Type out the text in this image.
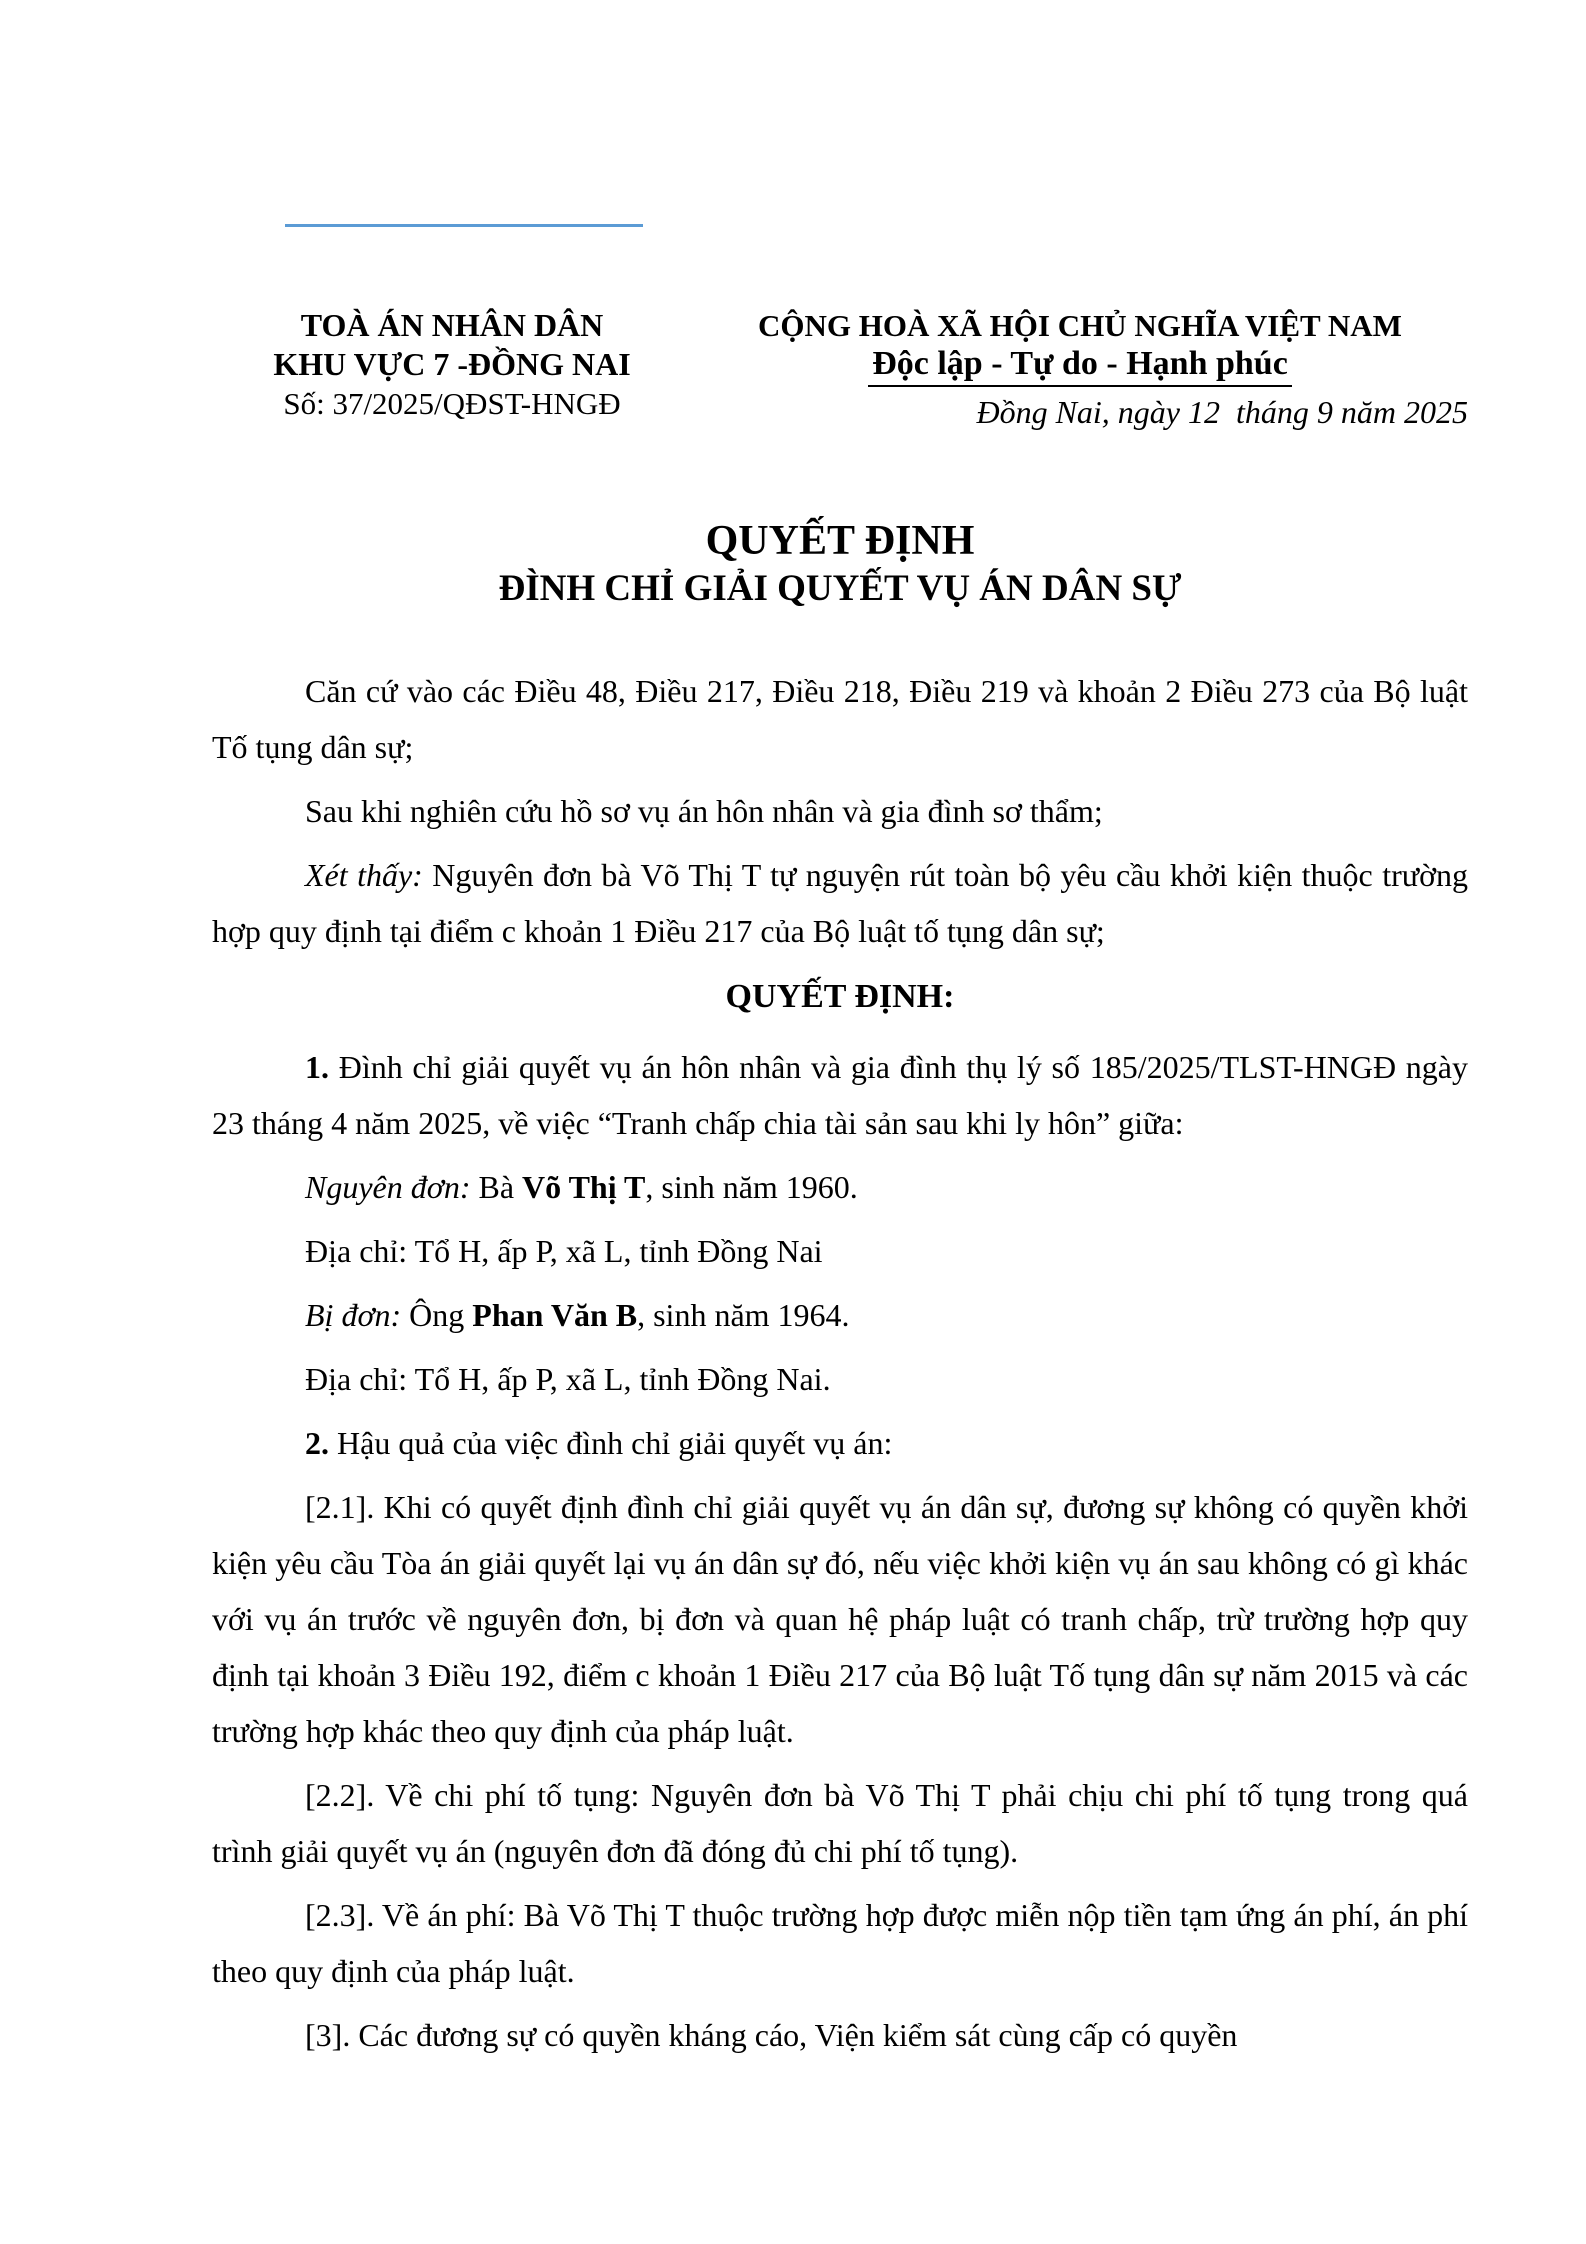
TOÀ ÁN NHÂN DÂN
KHU VỰC 7 -ĐỒNG NAI
Số: 37/2025/QĐST-HNGĐ
CỘNG HOÀ XÃ HỘI CHỦ NGHĨA VIỆT NAM
Độc lập - Tự do - Hạnh phúc
Đồng Nai, ngày 12  tháng 9 năm 2025
QUYẾT ĐỊNH
ĐÌNH CHỈ GIẢI QUYẾT VỤ ÁN DÂN SỰ

Căn cứ vào các Điều 48, Điều 217, Điều 218, Điều 219 và khoản 2 Điều 273 của Bộ luật Tố tụng dân sự;

Sau khi nghiên cứu hồ sơ vụ án hôn nhân và gia đình sơ thẩm;

Xét thấy: Nguyên đơn bà Võ Thị T tự nguyện rút toàn bộ yêu cầu khởi kiện thuộc trường hợp quy định tại điểm c khoản 1 Điều 217 của Bộ luật tố tụng dân sự;

QUYẾT ĐỊNH:

1. Đình chỉ giải quyết vụ án hôn nhân và gia đình thụ lý số 185/2025/TLST-HNGĐ ngày 23 tháng 4 năm 2025, về việc “Tranh chấp chia tài sản sau khi ly hôn” giữa:

Nguyên đơn: Bà Võ Thị T, sinh năm 1960.

Địa chỉ: Tổ H, ấp P, xã L, tỉnh Đồng Nai

Bị đơn: Ông Phan Văn B, sinh năm 1964.

Địa chỉ: Tổ H, ấp P, xã L, tỉnh Đồng Nai.

2. Hậu quả của việc đình chỉ giải quyết vụ án:

[2.1]. Khi có quyết định đình chỉ giải quyết vụ án dân sự, đương sự không có quyền khởi kiện yêu cầu Tòa án giải quyết lại vụ án dân sự đó, nếu việc khởi kiện vụ án sau không có gì khác với vụ án trước về nguyên đơn, bị đơn và quan hệ pháp luật có tranh chấp, trừ trường hợp quy định tại khoản 3 Điều 192, điểm c khoản 1 Điều 217 của Bộ luật Tố tụng dân sự năm 2015 và các trường hợp khác theo quy định của pháp luật.

[2.2]. Về chi phí tố tụng: Nguyên đơn bà Võ Thị T phải chịu chi phí tố tụng trong quá trình giải quyết vụ án (nguyên đơn đã đóng đủ chi phí tố tụng).

[2.3]. Về án phí: Bà Võ Thị T thuộc trường hợp được miễn nộp tiền tạm ứng án phí, án phí theo quy định của pháp luật.

[3]. Các đương sự có quyền kháng cáo, Viện kiểm sát cùng cấp có quyền
